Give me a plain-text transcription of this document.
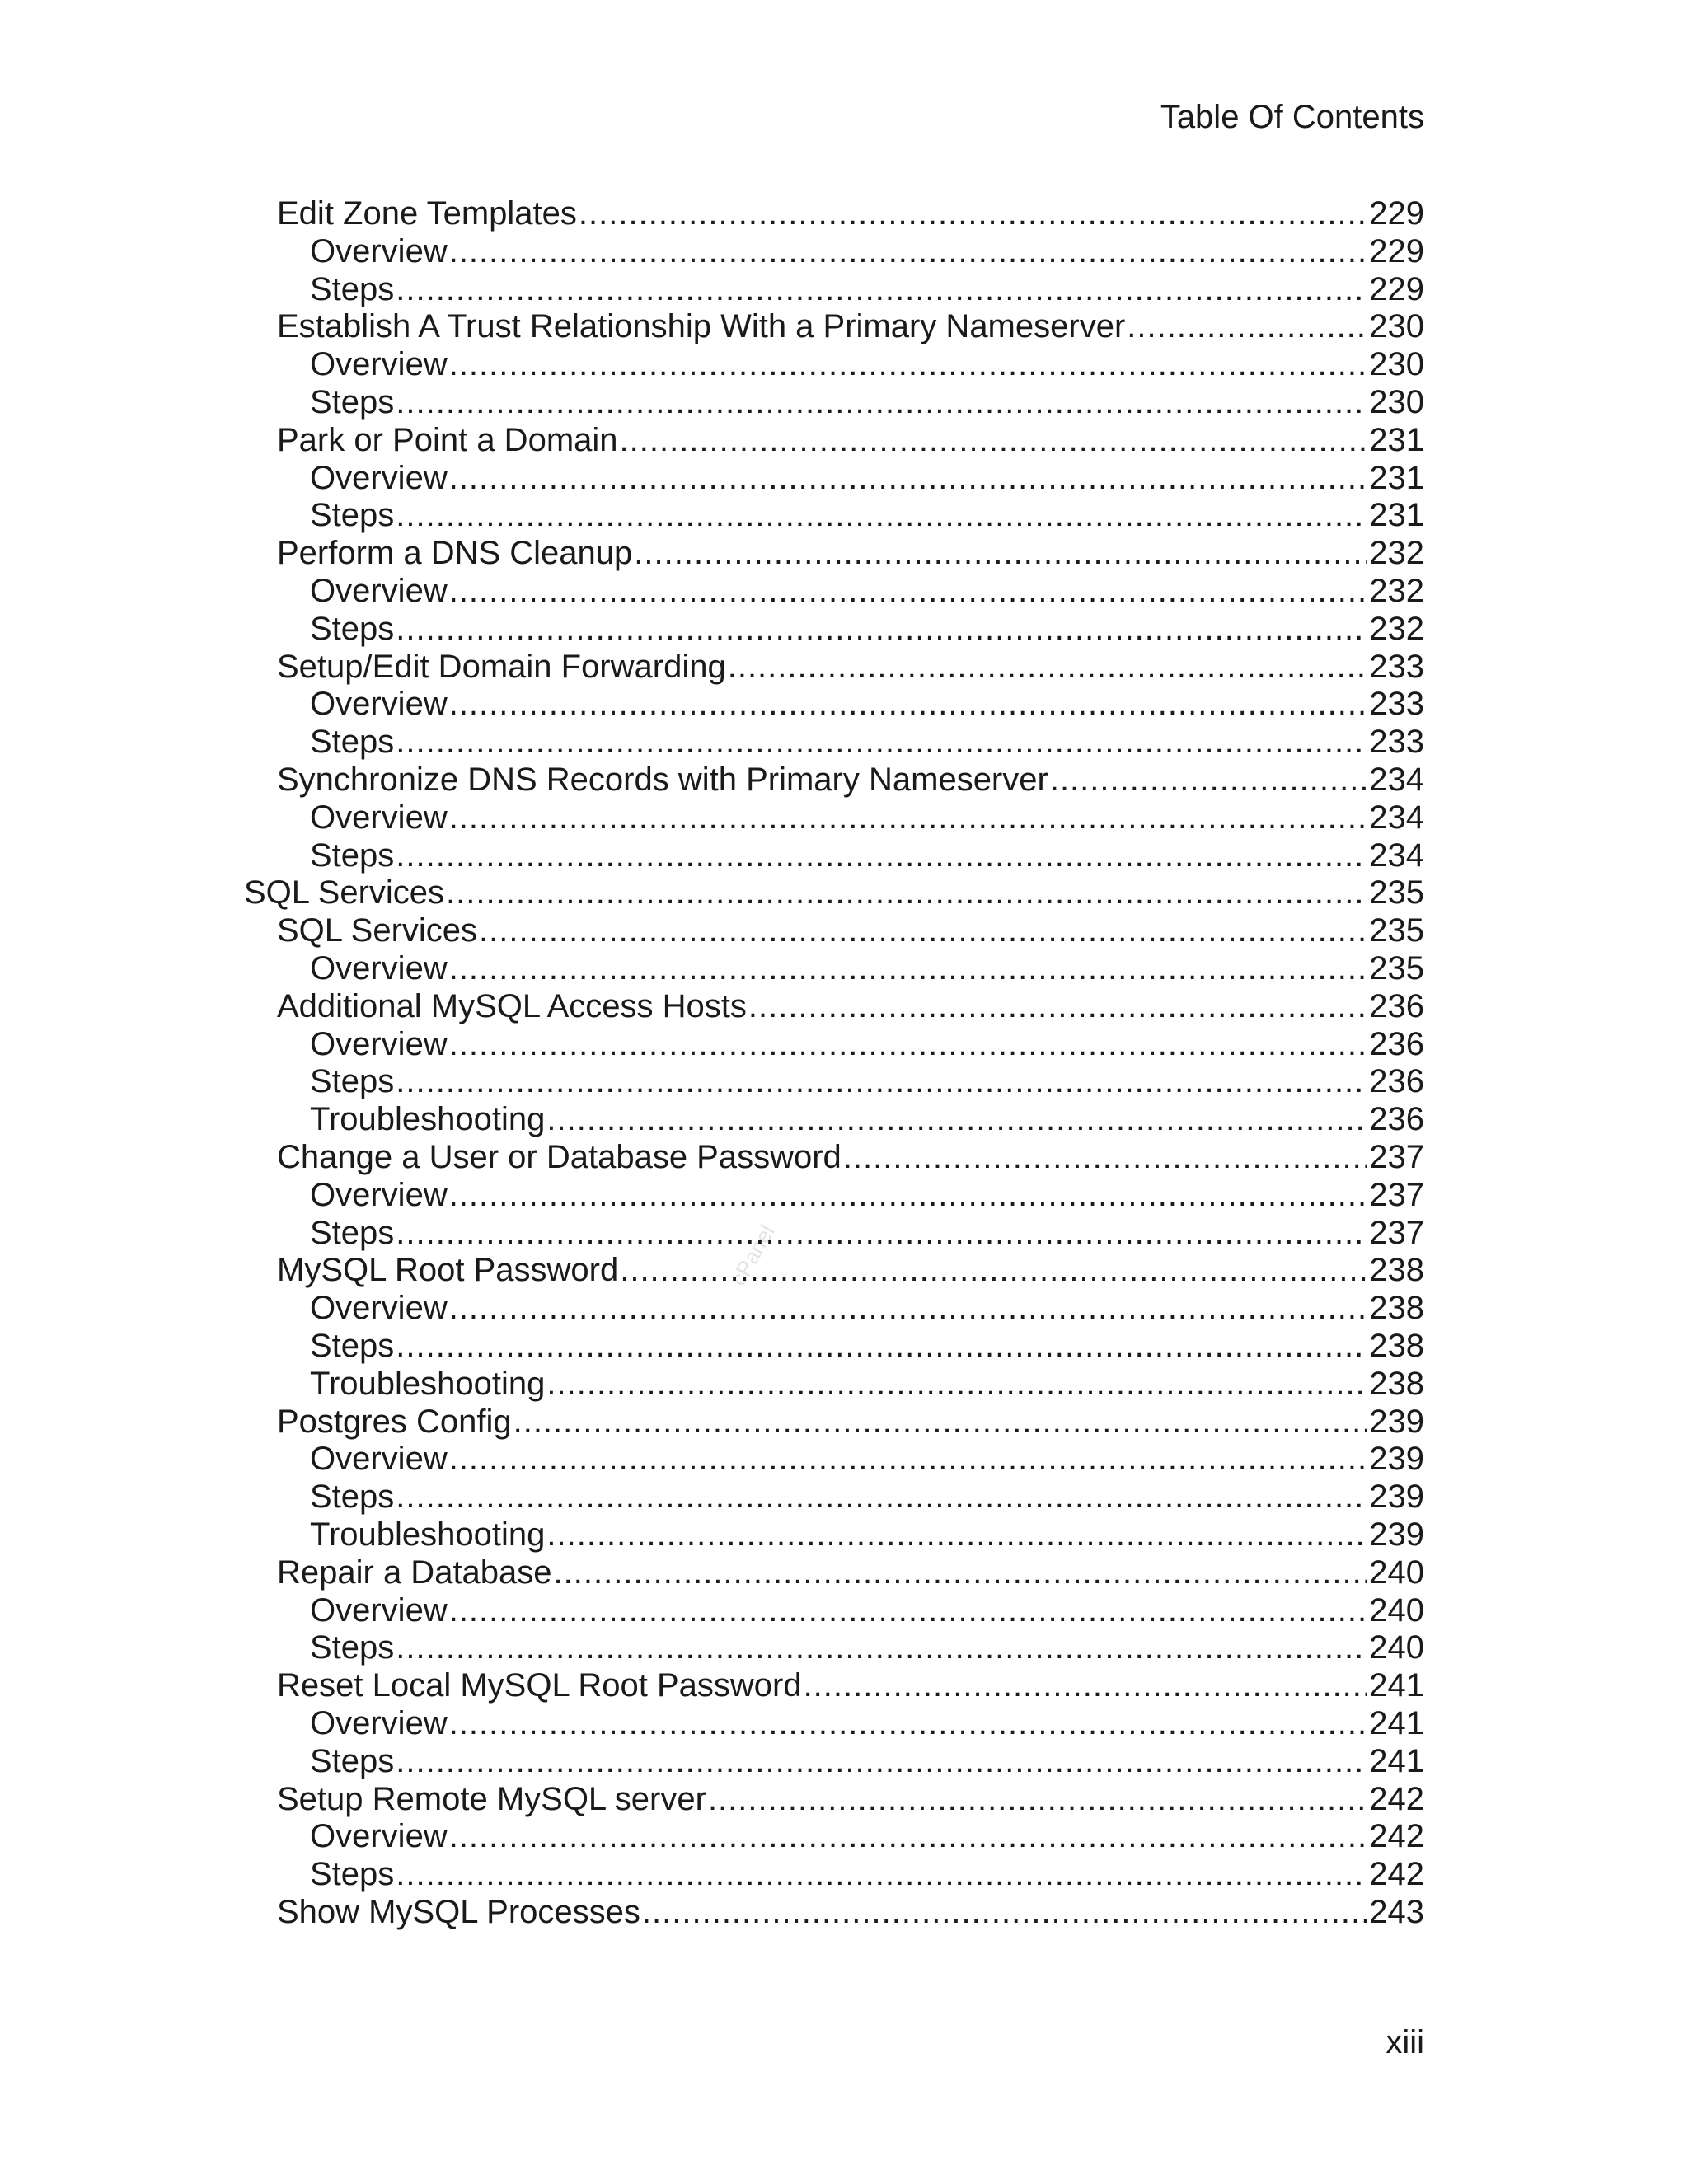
Table Of Contents
cPanel
Edit Zone Templates .....	229
Overview .....	229
Steps .....	229
Establish A Trust Relationship With a Primary Nameserver .....	230
Overview .....	230
Steps .....	230
Park or Point a Domain .....	231
Overview .....	231
Steps .....	231
Perform a DNS Cleanup .....	232
Overview .....	232
Steps .....	232
Setup/Edit Domain Forwarding .....	233
Overview .....	233
Steps .....	233
Synchronize DNS Records with Primary Nameserver .....	234
Overview .....	234
Steps .....	234
SQL Services .....	235
SQL Services .....	235
Overview .....	235
Additional MySQL Access Hosts .....	236
Overview .....	236
Steps .....	236
Troubleshooting .....	236
Change a User or Database Password .....	237
Overview .....	237
Steps .....	237
MySQL Root Password .....	238
Overview .....	238
Steps .....	238
Troubleshooting .....	238
Postgres Config .....	239
Overview .....	239
Steps .....	239
Troubleshooting .....	239
Repair a Database .....	240
Overview .....	240
Steps .....	240
Reset Local MySQL Root Password .....	241
Overview .....	241
Steps .....	241
Setup Remote MySQL server .....	242
Overview .....	242
Steps .....	242
Show MySQL Processes .....	243
xiii
